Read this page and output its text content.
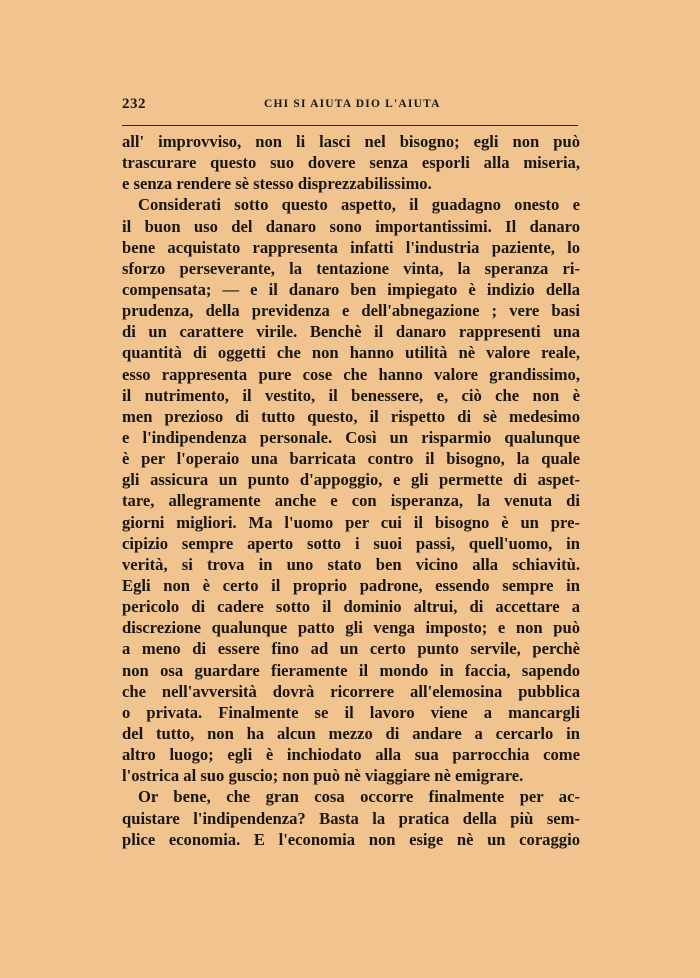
232	CHI SI AIUTA DIO L'AIUTA
all' improvviso, non li lasci nel bisogno; egli non può
trascurare questo suo dovere senza esporli alla miseria,
e senza rendere sè stesso disprezzabilissimo.
Considerati sotto questo aspetto, il guadagno onesto e
il buon uso del danaro sono importantissimi. Il danaro
bene acquistato rappresenta infatti l'industria paziente, lo
sforzo perseverante, la tentazione vinta, la speranza ri-
compensata; — e il danaro ben impiegato è indizio della
prudenza, della previdenza e dell'abnegazione ; vere basi
di un carattere virile. Benchè il danaro rappresenti una
quantità di oggetti che non hanno utilità nè valore reale,
esso rappresenta pure cose che hanno valore grandissimo,
il nutrimento, il vestito, il benessere, e, ciò che non è
men prezioso di tutto questo, il rispetto di sè medesimo
e l'indipendenza personale. Così un risparmio qualunque
è per l'operaio una barricata contro il bisogno, la quale
gli assicura un punto d'appoggio, e gli permette di aspet-
tare, allegramente anche e con isperanza, la venuta di
giorni migliori. Ma l'uomo per cui il bisogno è un pre-
cipizio sempre aperto sotto i suoi passi, quell'uomo, in
verità, si trova in uno stato ben vicino alla schiavitù.
Egli non è certo il proprio padrone, essendo sempre in
pericolo di cadere sotto il dominio altrui, di accettare a
discrezione qualunque patto gli venga imposto; e non può
a meno di essere fino ad un certo punto servile, perchè
non osa guardare fieramente il mondo in faccia, sapendo
che nell'avversità dovrà ricorrere all'elemosina pubblica
o privata. Finalmente se il lavoro viene a mancargli
del tutto, non ha alcun mezzo di andare a cercarlo in
altro luogo; egli è inchiodato alla sua parrocchia come
l'ostrica al suo guscio; non può nè viaggiare nè emigrare.
Or bene, che gran cosa occorre finalmente per ac-
quistare l'indipendenza? Basta la pratica della più sem-
plice economia. E l'economia non esige nè un coraggio
